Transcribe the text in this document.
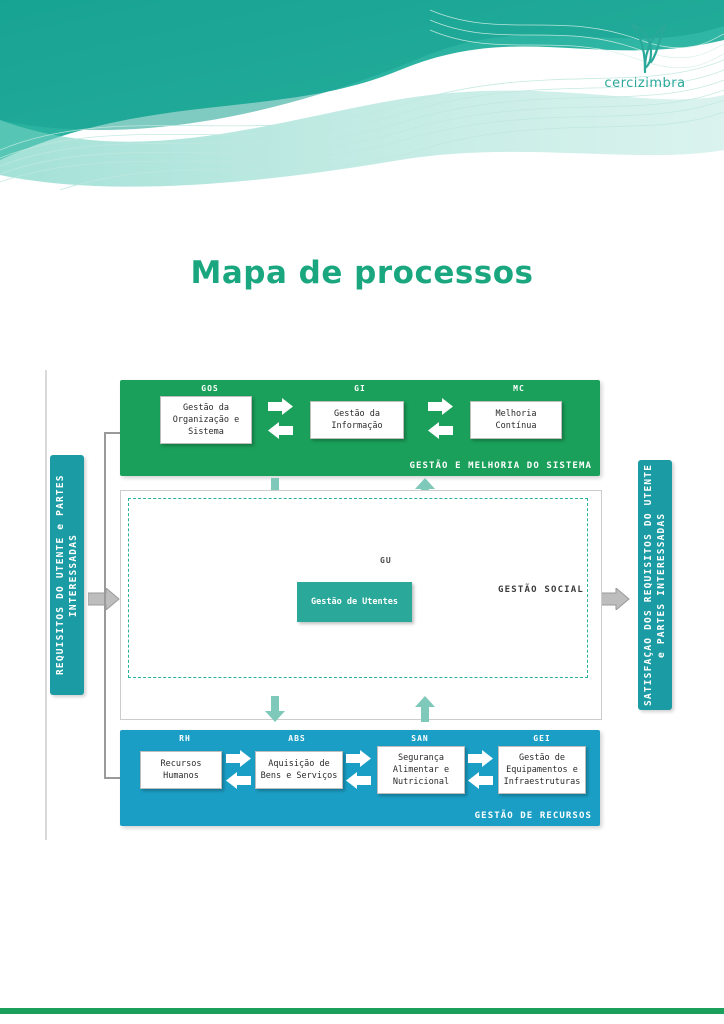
cercizimbra
Mapa de processos
REQUISITOS DO UTENTE e PARTES INTERESSADAS	SATISFAÇÃO DOS REQUISITOS DO UTENTE e PARTES INTERESSADAS
GESTÃO E MELHORIA DO SISTEMA
GOS
Gestão da Organização e Sistema
GI
Gestão da Informação
MC
Melhoria Contínua
GU
Gestão de Utentes
GESTÃO SOCIAL
GESTÃO DE RECURSOS
RH
Recursos Humanos
ABS
Aquisição de Bens e Serviços
SAN
Segurança Alimentar e Nutricional
GEI
Gestão de Equipamentos e Infraestruturas
